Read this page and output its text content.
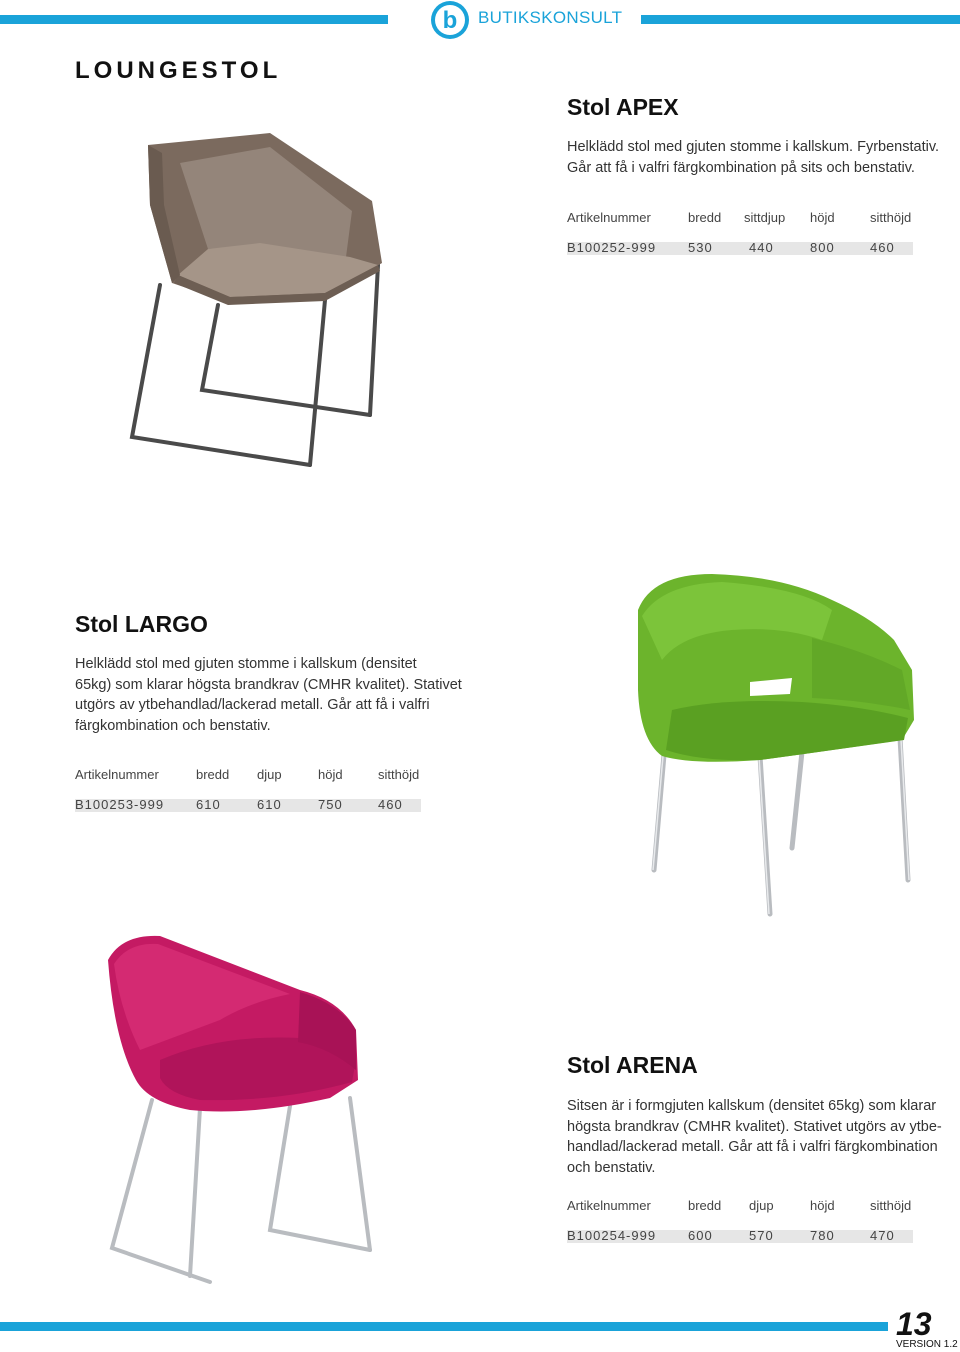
b BUTIKSKONSULT
LOUNGESTOL
Stol APEX
Helklädd stol med gjuten stomme i kallskum. Fyrbenstativ.
Går att få i valfri färgkombination på sits och benstativ.
Artikelnummer	bredd sittdjup höjd	sitthöjd
B100252-999 530	440	800	460
Stol LARGO
Helklädd stol med gjuten stomme i kallskum (densitet
65kg) som klarar högsta brandkrav (CMHR kvalitet). Stativet
utgörs av ytbehandlad/lackerad metall. Går att få i valfri
färgkombination och benstativ.
Artikelnummer	bredd djup	höjd	sitthöjd
B100253-999 610	610	750	460
Stol ARENA
Sitsen är i formgjuten kallskum (densitet 65kg) som klarar
högsta brandkrav (CMHR kvalitet). Stativet utgörs av ytbe-
handlad/lackerad metall. Går att få i valfri färgkombination
och benstativ.
Artikelnummer	bredd djup	höjd	sitthöjd
B100254-999 600	570	780	470
13
VERSION 1.2
